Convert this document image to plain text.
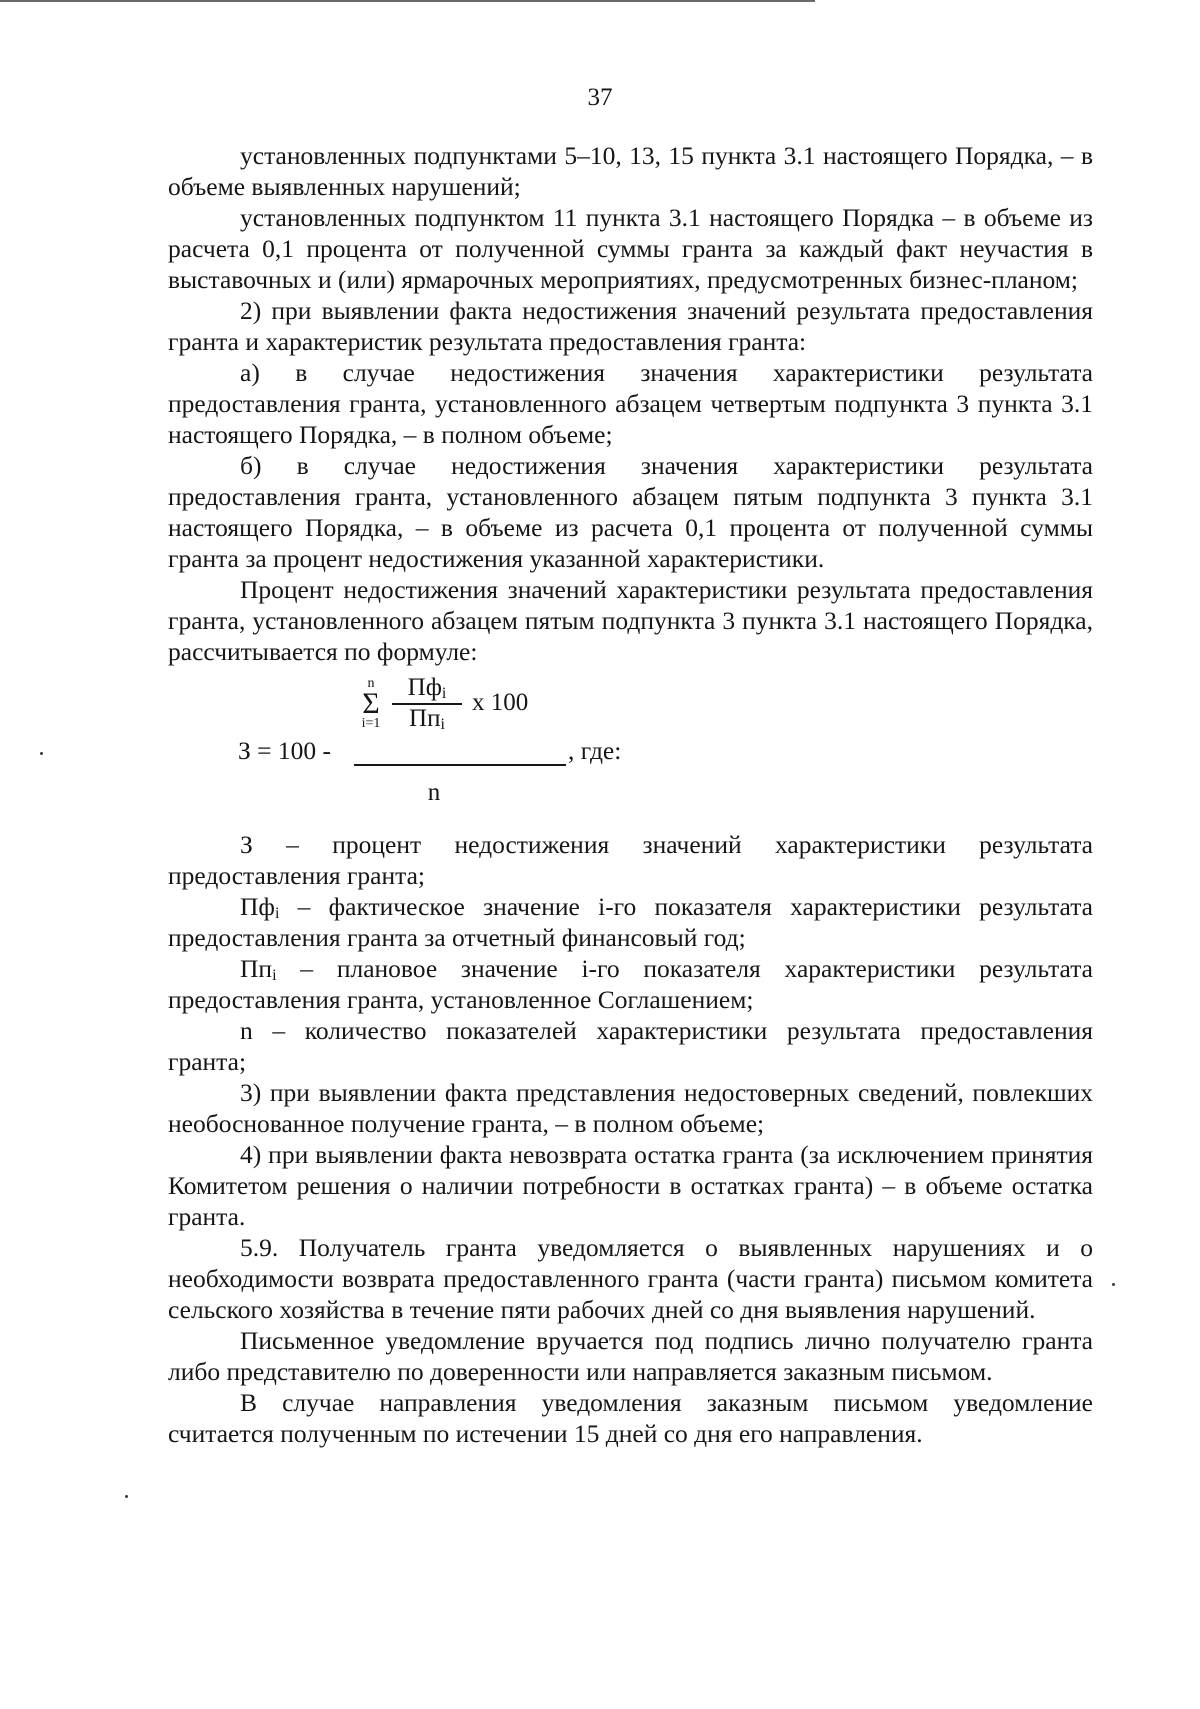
37

установленных подпунктами 5–10, 13, 15 пункта 3.1 настоящего Порядка, – в объеме выявленных нарушений;

установленных подпунктом 11 пункта 3.1 настоящего Порядка – в объеме из расчета 0,1 процента от полученной суммы гранта за каждый факт неучастия в выставочных и (или) ярмарочных мероприятиях, предусмотренных бизнес-планом;

2) при выявлении факта недостижения значений результата предоставления гранта и характеристик результата предоставления гранта:

а) в случае недостижения значения характеристики результата предоставления гранта, установленного абзацем четвертым подпункта 3 пункта 3.1 настоящего Порядка, – в полном объеме;

б) в случае недостижения значения характеристики результата предоставления гранта, установленного абзацем пятым подпункта 3 пункта 3.1 настоящего Порядка, – в объеме из расчета 0,1 процента от полученной суммы гранта за процент недостижения указанной характеристики.

Процент недостижения значений характеристики результата предоставления гранта, установленного абзацем пятым подпункта 3 пункта 3.1 настоящего Порядка, рассчитывается по формуле:

З = 100 -
n
Σ
i=1
$Пф_i$
$Пп_i$
х 100
, где:
n

З – процент недостижения значений характеристики результата предоставления гранта;

$Пф_i$ – фактическое значение i-го показателя характеристики результата предоставления гранта за отчетный финансовый год;

$Пп_i$ – плановое значение i-го показателя характеристики результата предоставления гранта, установленное Соглашением;

n – количество показателей характеристики результата предоставления гранта;

3) при выявлении факта представления недостоверных сведений, повлекших необоснованное получение гранта, – в полном объеме;

4) при выявлении факта невозврата остатка гранта (за исключением принятия Комитетом решения о наличии потребности в остатках гранта) – в объеме остатка гранта.

5.9. Получатель гранта уведомляется о выявленных нарушениях и о необходимости возврата предоставленного гранта (части гранта) письмом комитета сельского хозяйства в течение пяти рабочих дней со дня выявления нарушений.

Письменное уведомление вручается под подпись лично получателю гранта либо представителю по доверенности или направляется заказным письмом.

В случае направления уведомления заказным письмом уведомление считается полученным по истечении 15 дней со дня его направления.
